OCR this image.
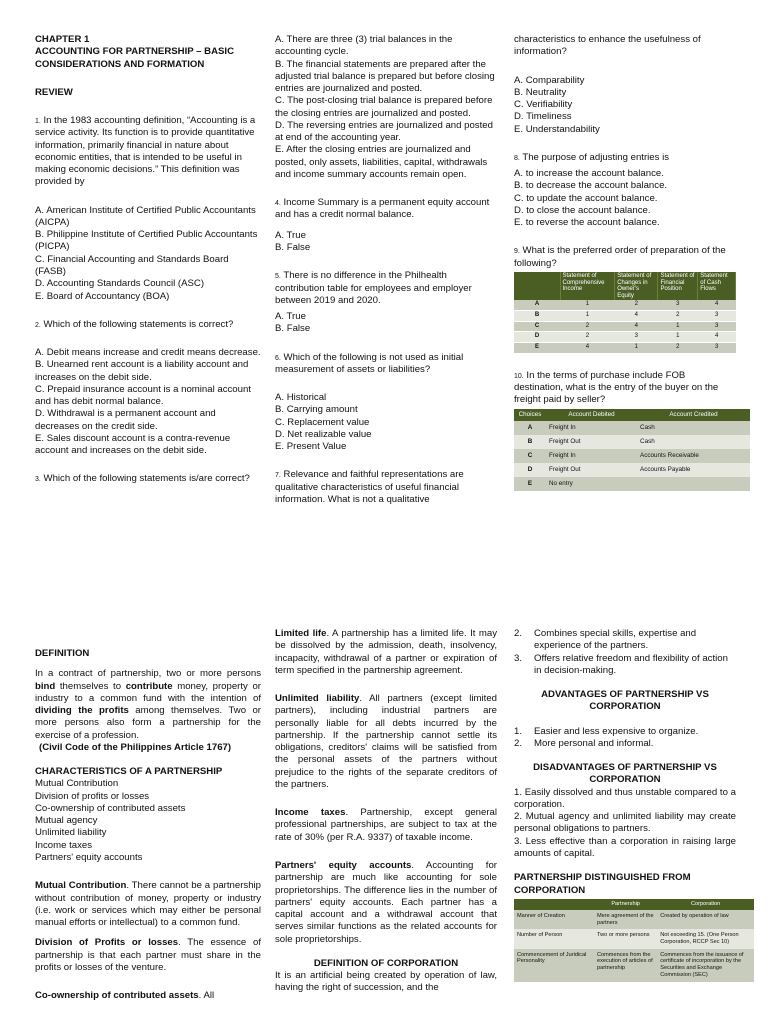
CHAPTER 1
ACCOUNTING FOR PARTNERSHIP – BASIC CONSIDERATIONS AND FORMATION
REVIEW
1. In the 1983 accounting definition, “Accounting is a service activity. Its function is to provide quantitative information, primarily financial in nature about economic entities, that is intended to be useful in making economic decisions.” This definition was provided by
A. American Institute of Certified Public Accountants (AICPA)
B. Philippine Institute of Certified Public Accountants (PICPA)
C. Financial Accounting and Standards Board (FASB)
D. Accounting Standards Council (ASC)
E. Board of Accountancy (BOA)
2. Which of the following statements is correct?
A. Debit means increase and credit means decrease.
B. Unearned rent account is a liability account and increases on the debit side.
C. Prepaid insurance account is a nominal account and has debit normal balance.
D. Withdrawal is a permanent account and decreases on the credit side.
E. Sales discount account is a contra-revenue account and increases on the debit side.
3. Which of the following statements is/are correct?
A. There are three (3) trial balances in the accounting cycle.
B. The financial statements are prepared after the adjusted trial balance is prepared but before closing entries are journalized and posted.
C. The post-closing trial balance is prepared before the closing entries are journalized and posted.
D. The reversing entries are journalized and posted at end of the accounting year.
E. After the closing entries are journalized and posted, only assets, liabilities, capital, withdrawals and income summary accounts remain open.
4. Income Summary is a permanent equity account and has a credit normal balance.
A. True
B. False
5. There is no difference in the Philhealth contribution table for employees and employer between 2019 and 2020.
A. True
B. False
6. Which of the following is not used as initial measurement of assets or liabilities?
A. Historical
B. Carrying amount
C. Replacement value
D. Net realizable value
E. Present Value
7. Relevance and faithful representations are qualitative characteristics of useful financial information. What is not a qualitative
characteristics to enhance the usefulness of information?
A. Comparability
B. Neutrality
C. Verifiability
D. Timeliness
E. Understandability
8. The purpose of adjusting entries is
A. to increase the account balance.
B. to decrease the account balance.
C. to update the account balance.
D. to close the account balance.
E. to reverse the account balance.
9. What is the preferred order of preparation of the following?
	Statement of Comprehensive Income	Statement of Changes in Owner's Equity	Statement of Financial Position	Statement of Cash Flows
A	1	2	3	4
B	1	4	2	3
C	2	4	1	3
D	2	3	1	4
E	4	1	2	3
10. In the terms of purchase include FOB destination, what is the entry of the buyer on the freight paid by seller?
Choices	Account Debited	Account Credited
A	Freight In	Cash
B	Freight Out	Cash
C	Freight In	Accounts Receivable
D	Freight Out	Accounts Payable
E	No entry	
DEFINITION
In a contract of partnership, two or more persons bind themselves to contribute money, property or industry to a common fund with the intention of dividing the profits among themselves. Two or more persons also form a partnership for the exercise of a profession.
(Civil Code of the Philippines Article 1767)
CHARACTERISTICS OF A PARTNERSHIP
Mutual Contribution
Division of profits or losses
Co-ownership of contributed assets
Mutual agency
Unlimited liability
Income taxes
Partners' equity accounts
Mutual Contribution. There cannot be a partnership without contribution of money, property or industry (i.e. work or services which may either be personal manual efforts or intellectual) to a common fund.
Division of Profits or losses. The essence of partnership is that each partner must share in the profits or losses of the venture.
Co-ownership of contributed assets. All
Limited life. A partnership has a limited life. It may be dissolved by the admission, death, insolvency, incapacity, withdrawal of a partner or expiration of term specified in the partnership agreement.
Unlimited liability. All partners (except limited partners), including industrial partners are personally liable for all debts incurred by the partnership. If the partnership cannot settle its obligations, creditors' claims will be satisfied from the personal assets of the partners without prejudice to the rights of the separate creditors of the partners.
Income taxes. Partnership, except general professional partnerships, are subject to tax at the rate of 30% (per R.A. 9337) of taxable income.
Partners' equity accounts. Accounting for partnership are much like accounting for sole proprietorships. The difference lies in the number of partners' equity accounts. Each partner has a capital account and a withdrawal account that serves similar functions as the related accounts for sole proprietorships.
DEFINITION OF CORPORATION
It is an artificial being created by operation of law, having the right of succession, and the
2.	Combines special skills, expertise and experience of the partners.
3.	Offers relative freedom and flexibility of action in decision-making.
ADVANTAGES OF PARTNERSHIP VS CORPORATION
1.	Easier and less expensive to organize.
2.	More personal and informal.
DISADVANTAGES OF PARTNERSHIP VS CORPORATION
1. Easily dissolved and thus unstable compared to a corporation.
2. Mutual agency and unlimited liability may create personal obligations to partners.
3. Less effective than a corporation in raising large amounts of capital.
PARTNERSHIP DISTINGUISHED FROM CORPORATION
	Partnership	Corporation
Manner of Creation	Mere agreement of the partners	Created by operation of law
Number of Person	Two or more persons	Not exceeding 15. (One Person Corporation, RCCP Sec 10)
Commencement of Juridical Personality	Commences from the execution of articles of partnership	Commences from the issuance of certificate of incorporation by the Securities and Exchange Commission (SEC)
